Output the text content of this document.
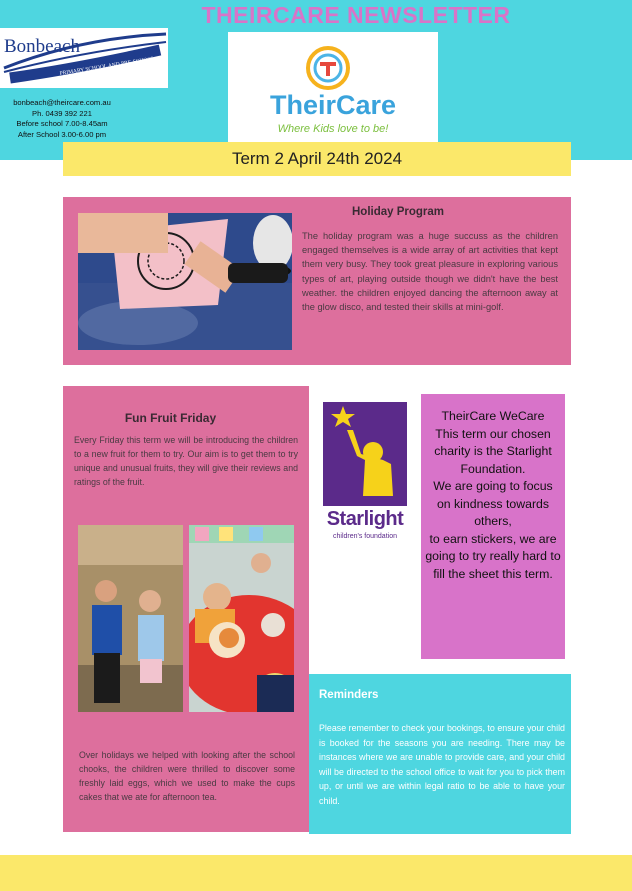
THEIRCARE NEWSLETTER
Bonbeach
PRIMARY SCHOOL AND PRE-SCHOOL
bonbeach@theircare.com.au
Ph. 0439 392 221
Before school 7.00-8.45am
After School 3.00-6.00 pm
TheirCare
Where Kids love to be!
Term 2 April 24th 2024
Holiday Program
The holiday program was a huge succuss as the children engaged themselves is a wide array of art activities that kept them very busy. They took great pleasure in exploring various types of art, playing outside though we didn't have the best weather. the children enjoyed dancing the afternoon away at the glow disco, and tested their skills at mini-golf.
Fun Fruit Friday
Every Friday this term we will be introducing the children to a new fruit for them to try. Our aim is to get them to try unique and unusual fruits, they will give their reviews and ratings of the fruit.
Over holidays we helped with looking after the school chooks, the children were thrilled to discover some freshly laid eggs, which we used to make the cups cakes that we ate for afternoon tea.
Starlight
children's foundation
TheirCare WeCare
This term our chosen charity is the Starlight Foundation.
We are going to focus on kindness towards others,
to earn stickers, we are going to try really hard to fill the sheet this term.
Reminders
Please remember to check your bookings, to ensure your child is booked for the seasons you are needing. There may be instances where we are unable to provide care, and your child will be directed to the school office to wait for you to pick them up, or until we are within legal ratio to be able to have your child.
